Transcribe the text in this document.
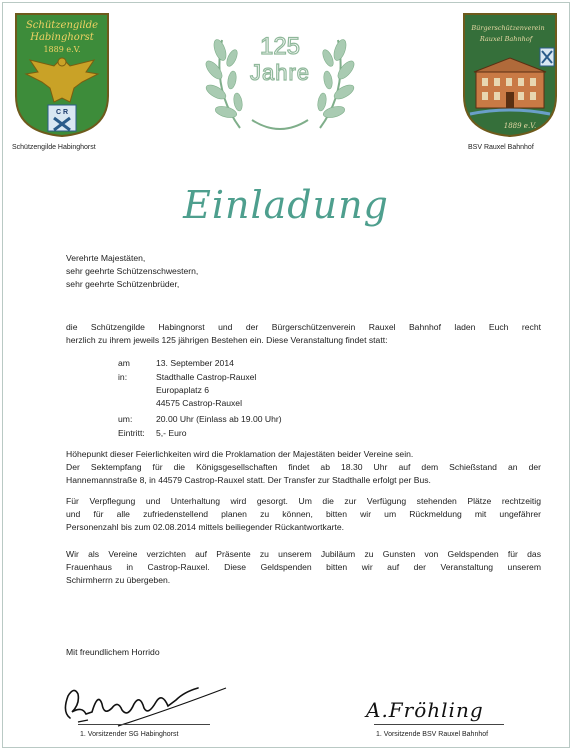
Schützengilde
Habinghorst
1889 e.V.
C R
Schützengilde Habinghorst
125
Jahre
Bürgerschützenverein
Rauxel Bahnhof
1889 e.V.
BSV Rauxel Bahnhof
Einladung
Verehrte Majestäten,
sehr geehrte Schützenschwestern,
sehr geehrte Schützenbrüder,
die Schützengilde Habingnorst und der Bürgerschützenverein Rauxel Bahnhof laden Euch recht
herzlich zu ihrem jeweils 125 jährigen Bestehen ein. Diese Veranstaltung findet statt:
am	13. September 2014
in:	Stadthalle Castrop-Rauxel
Europaplatz 6
44575 Castrop-Rauxel
um:	20.00 Uhr (Einlass ab 19.00 Uhr)
Eintritt: 5,- Euro
Höhepunkt dieser Feierlichkeiten wird die Proklamation der Majestäten beider Vereine sein.
Der Sektempfang für die Königsgesellschaften findet ab 18.30 Uhr auf dem Schießstand an der
Hannemannstraße 8, in 44579 Castrop-Rauxel statt. Der Transfer zur Stadthalle erfolgt per Bus.
Für Verpflegung und Unterhaltung wird gesorgt. Um die zur Verfügung stehenden Plätze rechtzeitig
und für alle zufriedenstellend planen zu können, bitten wir um Rückmeldung mit ungefährer
Personenzahl bis zum 02.08.2014 mittels beiliegender Rückantwortkarte.
Wir als Vereine verzichten auf Präsente zu unserem Jubiläum zu Gunsten von Geldspenden für das
Frauenhaus in Castrop-Rauxel. Diese Geldspenden bitten wir auf der Veranstaltung unserem
Schirmherrn zu übergeben.
Mit freundlichem Horrido
1. Vorsitzender SG Habinghorst
A.Fröhling
1. Vorsitzende BSV Rauxel Bahnhof
